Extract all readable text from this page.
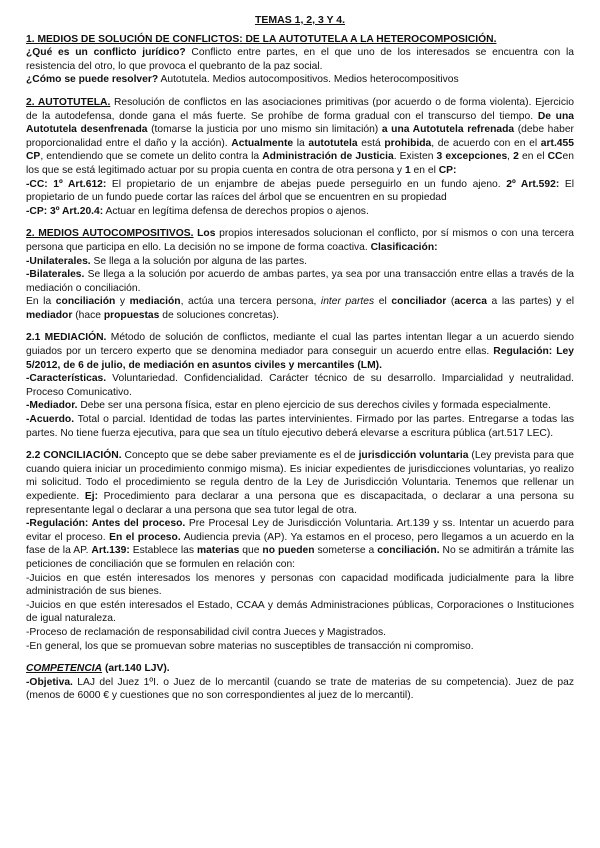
TEMAS 1, 2, 3 Y 4.

1. MEDIOS DE SOLUCIÓN DE CONFLICTOS: DE LA AUTOTUTELA A LA HETEROCOMPOSICIÓN.

¿Qué es un conflicto jurídico? Conflicto entre partes, en el que uno de los interesados se encuentra con la resistencia del otro, lo que provoca el quebranto de la paz social.

¿Cómo se puede resolver? Autotutela. Medios autocompositivos. Medios heterocompositivos

2. AUTOTUTELA. Resolución de conflictos en las asociaciones primitivas (por acuerdo o de forma violenta). Ejercicio de la autodefensa, donde gana el más fuerte. Se prohíbe de forma gradual con el transcurso del tiempo. De una Autotutela desenfrenada (tomarse la justicia por uno mismo sin limitación) a una Autotutela refrenada (debe haber proporcionalidad entre el daño y la acción). Actualmente la autotutela está prohibida, de acuerdo con en el art.455 CP, entendiendo que se comete un delito contra la Administración de Justicia. Existen 3 excepciones, 2 en el CCen los que se está legitimado actuar por su propia cuenta en contra de otra persona y 1 en el CP:

-CC: 1º Art.612: El propietario de un enjambre de abejas puede perseguirlo en un fundo ajeno. 2º Art.592: El propietario de un fundo puede cortar las raíces del árbol que se encuentren en su propiedad

-CP: 3º Art.20.4: Actuar en legítima defensa de derechos propios o ajenos.

2. MEDIOS AUTOCOMPOSITIVOS. Los propios interesados solucionan el conflicto, por sí mismos o con una tercera persona que participa en ello. La decisión no se impone de forma coactiva. Clasificación:

-Unilaterales. Se llega a la solución por alguna de las partes.

-Bilaterales. Se llega a la solución por acuerdo de ambas partes, ya sea por una transacción entre ellas a través de la mediación o conciliación.

En la conciliación y mediación, actúa una tercera persona, inter partes el conciliador (acerca a las partes) y el mediador (hace propuestas de soluciones concretas).

2.1 MEDIACIÓN. Método de solución de conflictos, mediante el cual las partes intentan llegar a un acuerdo siendo guiados por un tercero experto que se denomina mediador para conseguir un acuerdo entre ellas. Regulación: Ley 5/2012, de 6 de julio, de mediación en asuntos civiles y mercantiles (LM).

-Características. Voluntariedad. Confidencialidad. Carácter técnico de su desarrollo. Imparcialidad y neutralidad. Proceso Comunicativo.

-Mediador. Debe ser una persona física, estar en pleno ejercicio de sus derechos civiles y formada especialmente.

-Acuerdo. Total o parcial. Identidad de todas las partes intervinientes. Firmado por las partes. Entregarse a todas las partes. No tiene fuerza ejecutiva, para que sea un título ejecutivo deberá elevarse a escritura pública (art.517 LEC).

2.2 CONCILIACIÓN. Concepto que se debe saber previamente es el de jurisdicción voluntaria (Ley prevista para que cuando quiera iniciar un procedimiento conmigo misma). Es iniciar expedientes de jurisdicciones voluntarias, yo realizo mi solicitud. Todo el procedimiento se regula dentro de la Ley de Jurisdicción Voluntaria. Tenemos que rellenar un expediente. Ej: Procedimiento para declarar a una persona que es discapacitada, o declarar a una persona su representante legal o declarar a una persona que sea tutor legal de otra.

-Regulación: Antes del proceso. Pre Procesal Ley de Jurisdicción Voluntaria. Art.139 y ss. Intentar un acuerdo para evitar el proceso. En el proceso. Audiencia previa (AP). Ya estamos en el proceso, pero llegamos a un acuerdo en la fase de la AP. Art.139: Establece las materias que no pueden someterse a conciliación. No se admitirán a trámite las peticiones de conciliación que se formulen en relación con:

-Juicios en que estén interesados los menores y personas con capacidad modificada judicialmente para la libre administración de sus bienes.

-Juicios en que estén interesados el Estado, CCAA y demás Administraciones públicas, Corporaciones o Instituciones de igual naturaleza.

-Proceso de reclamación de responsabilidad civil contra Jueces y Magistrados.

-En general, los que se promuevan sobre materias no susceptibles de transacción ni compromiso.

COMPETENCIA (art.140 LJV).

-Objetiva. LAJ del Juez 1ºI. o Juez de lo mercantil (cuando se trate de materias de su competencia). Juez de paz (menos de 6000 € y cuestiones que no son correspondientes al juez de lo mercantil).
